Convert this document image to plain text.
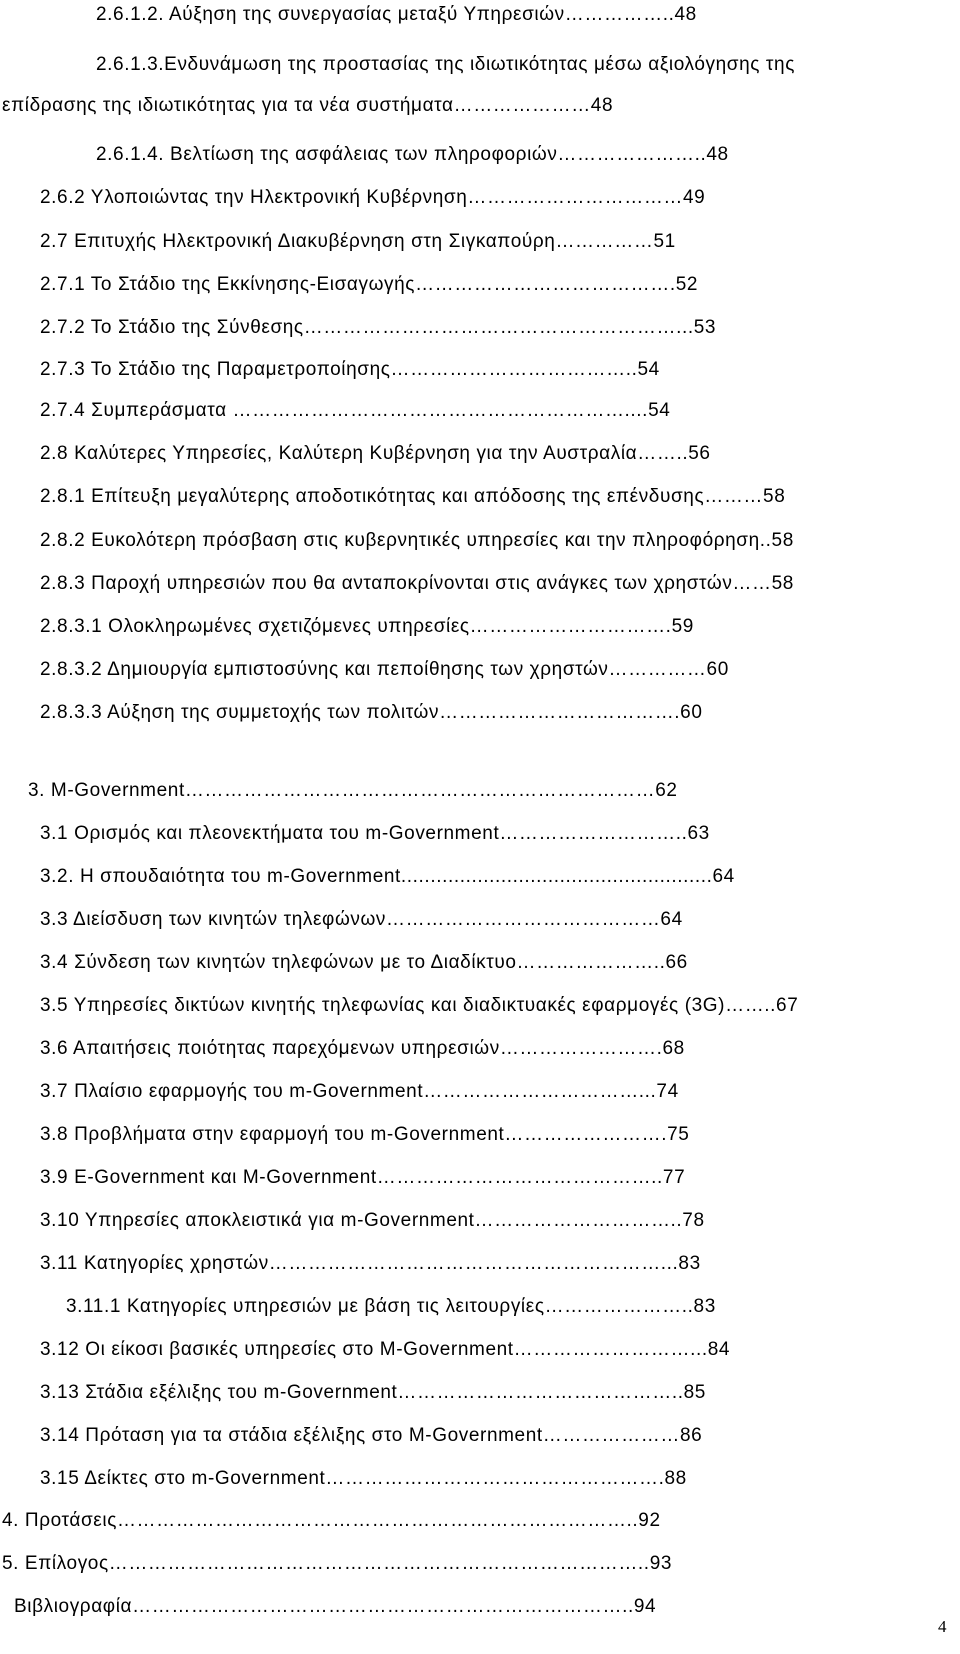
2.6.1.2. Αύξηση της συνεργασίας μεταξύ Υπηρεσιών……………..48
2.6.1.3.Ενδυνάμωση της προστασίας της ιδιωτικότητας μέσω αξιολόγησης της
επίδρασης της ιδιωτικότητας για τα νέα συστήματα…………………48
2.6.1.4. Βελτίωση της ασφάλειας των πληροφοριών…………………..48
2.6.2 Υλοποιώντας την Ηλεκτρονική Κυβέρνηση……………………………49
2.7 Επιτυχής Ηλεκτρονική Διακυβέρνηση στη Σιγκαπούρη……………51
2.7.1 Το Στάδιο της Εκκίνησης-Εισαγωγής………………………………….52
2.7.2 Το Στάδιο της Σύνθεσης…………………………………………………...53
2.7.3 Το Στάδιο της Παραμετροποίησης………………………………..54
2.7.4 Συμπεράσματα ……………………………………………………....54
2.8 Καλύτερες Υπηρεσίες, Καλύτερη Κυβέρνηση για την Αυστραλία……..56
2.8.1 Επίτευξη μεγαλύτερης αποδοτικότητας και απόδοσης της επένδυσης………58
2.8.2 Ευκολότερη πρόσβαση στις κυβερνητικές υπηρεσίες και την πληροφόρηση..58
2.8.3 Παροχή υπηρεσιών που θα ανταποκρίνονται στις ανάγκες των χρηστών……58
2.8.3.1 Ολοκληρωμένες σχετιζόμενες υπηρεσίες………………………….59
2.8.3.2 Δημιουργία εμπιστοσύνης και πεποίθησης των χρηστών……………60
2.8.3.3 Αύξηση της συμμετοχής των πολιτών……………………………….60
3. M-Government………………………………………………………………62
3.1 Ορισμός και πλεονεκτήματα του m-Government………………………..63
3.2. Η σπουδαιότητα του m-Government.....................................................64
3.3 Διείσδυση των κινητών τηλεφώνων……………………………………64
3.4 Σύνδεση των κινητών τηλεφώνων με το Διαδίκτυο…………………..66
3.5 Υπηρεσίες δικτύων κινητής τηλεφωνίας και διαδικτυακές εφαρμογές (3G)……..67
3.6 Απαιτήσεις ποιότητας παρεχόμενων υπηρεσιών…………………….68
3.7 Πλαίσιο εφαρμογής του m-Government……………………………...74
3.8 Προβλήματα στην εφαρμογή του m-Government…………………….75
3.9 E-Government και M-Government……………………………………..77
3.10 Υπηρεσίες αποκλειστικά για m-Government…………………………..78
3.11 Κατηγορίες χρηστών……………………………………………………...83
3.11.1 Κατηγορίες υπηρεσιών με βάση τις λειτουργίες…………………..83
3.12 Οι είκοσι βασικές υπηρεσίες στο M-Government………………………...84
3.13 Στάδια εξέλιξης του m-Government……………………………………..85
3.14 Πρόταση για τα στάδια εξέλιξης στο M-Government…………………86
3.15 Δείκτες στο m-Government…………………………………………….88
4. Προτάσεις……………………………………………………………………..92
5. Επίλογος………………………………………………………………………..93
Βιβλιογραφία…………………………………………………………………..94
4
